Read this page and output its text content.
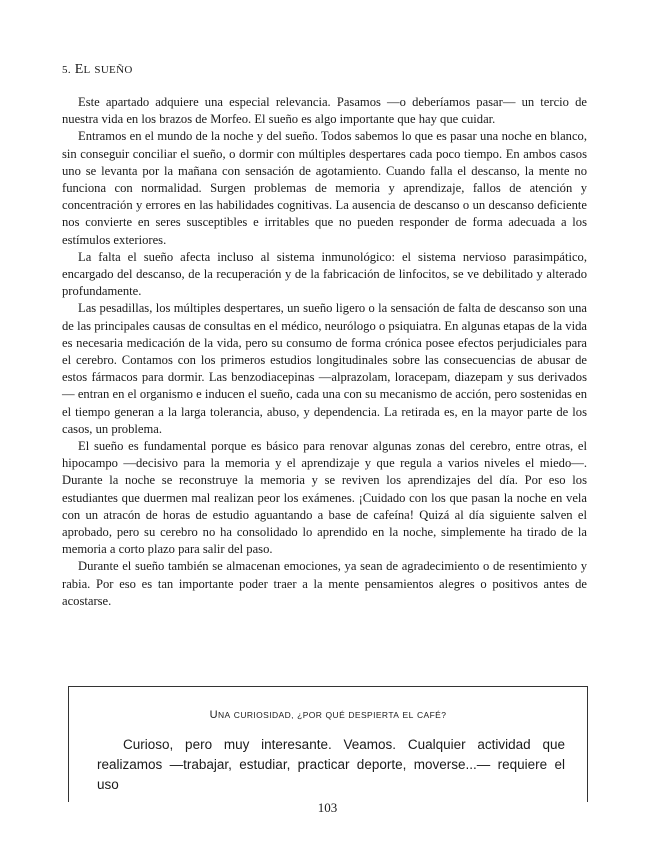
5. EL SUEÑO

Este apartado adquiere una especial relevancia. Pasamos —o deberíamos pasar— un tercio de nuestra vida en los brazos de Morfeo. El sueño es algo importante que hay que cuidar.

Entramos en el mundo de la noche y del sueño. Todos sabemos lo que es pasar una noche en blanco, sin conseguir conciliar el sueño, o dormir con múltiples despertares cada poco tiempo. En ambos casos uno se levanta por la mañana con sensación de agotamiento. Cuando falla el descanso, la mente no funciona con normalidad. Surgen problemas de memoria y aprendizaje, fallos de atención y concentración y errores en las habilidades cognitivas. La ausencia de descanso o un descanso deficiente nos convierte en seres susceptibles e irritables que no pueden responder de forma adecuada a los estímulos exteriores.

La falta el sueño afecta incluso al sistema inmunológico: el sistema nervioso parasimpático, encargado del descanso, de la recuperación y de la fabricación de linfocitos, se ve debilitado y alterado profundamente.

Las pesadillas, los múltiples despertares, un sueño ligero o la sensación de falta de descanso son una de las principales causas de consultas en el médico, neurólogo o psiquiatra. En algunas etapas de la vida es necesaria medicación de la vida, pero su consumo de forma crónica posee efectos perjudiciales para el cerebro. Contamos con los primeros estudios longitudinales sobre las consecuencias de abusar de estos fármacos para dormir. Las benzodiacepinas —alprazolam, loracepam, diazepam y sus derivados— entran en el organismo e inducen el sueño, cada una con su mecanismo de acción, pero sostenidas en el tiempo generan a la larga tolerancia, abuso, y dependencia. La retirada es, en la mayor parte de los casos, un problema.

El sueño es fundamental porque es básico para renovar algunas zonas del cerebro, entre otras, el hipocampo —decisivo para la memoria y el aprendizaje y que regula a varios niveles el miedo—. Durante la noche se reconstruye la memoria y se reviven los aprendizajes del día. Por eso los estudiantes que duermen mal realizan peor los exámenes. ¡Cuidado con los que pasan la noche en vela con un atracón de horas de estudio aguantando a base de cafeína! Quizá al día siguiente salven el aprobado, pero su cerebro no ha consolidado lo aprendido en la noche, simplemente ha tirado de la memoria a corto plazo para salir del paso.

Durante el sueño también se almacenan emociones, ya sean de agradecimiento o de resentimiento y rabia. Por eso es tan importante poder traer a la mente pensamientos alegres o positivos antes de acostarse.

UNA CURIOSIDAD, ¿POR QUÉ DESPIERTA EL CAFÉ?

Curioso, pero muy interesante. Veamos. Cualquier actividad que realizamos —trabajar, estudiar, practicar deporte, moverse...— requiere el uso

103
